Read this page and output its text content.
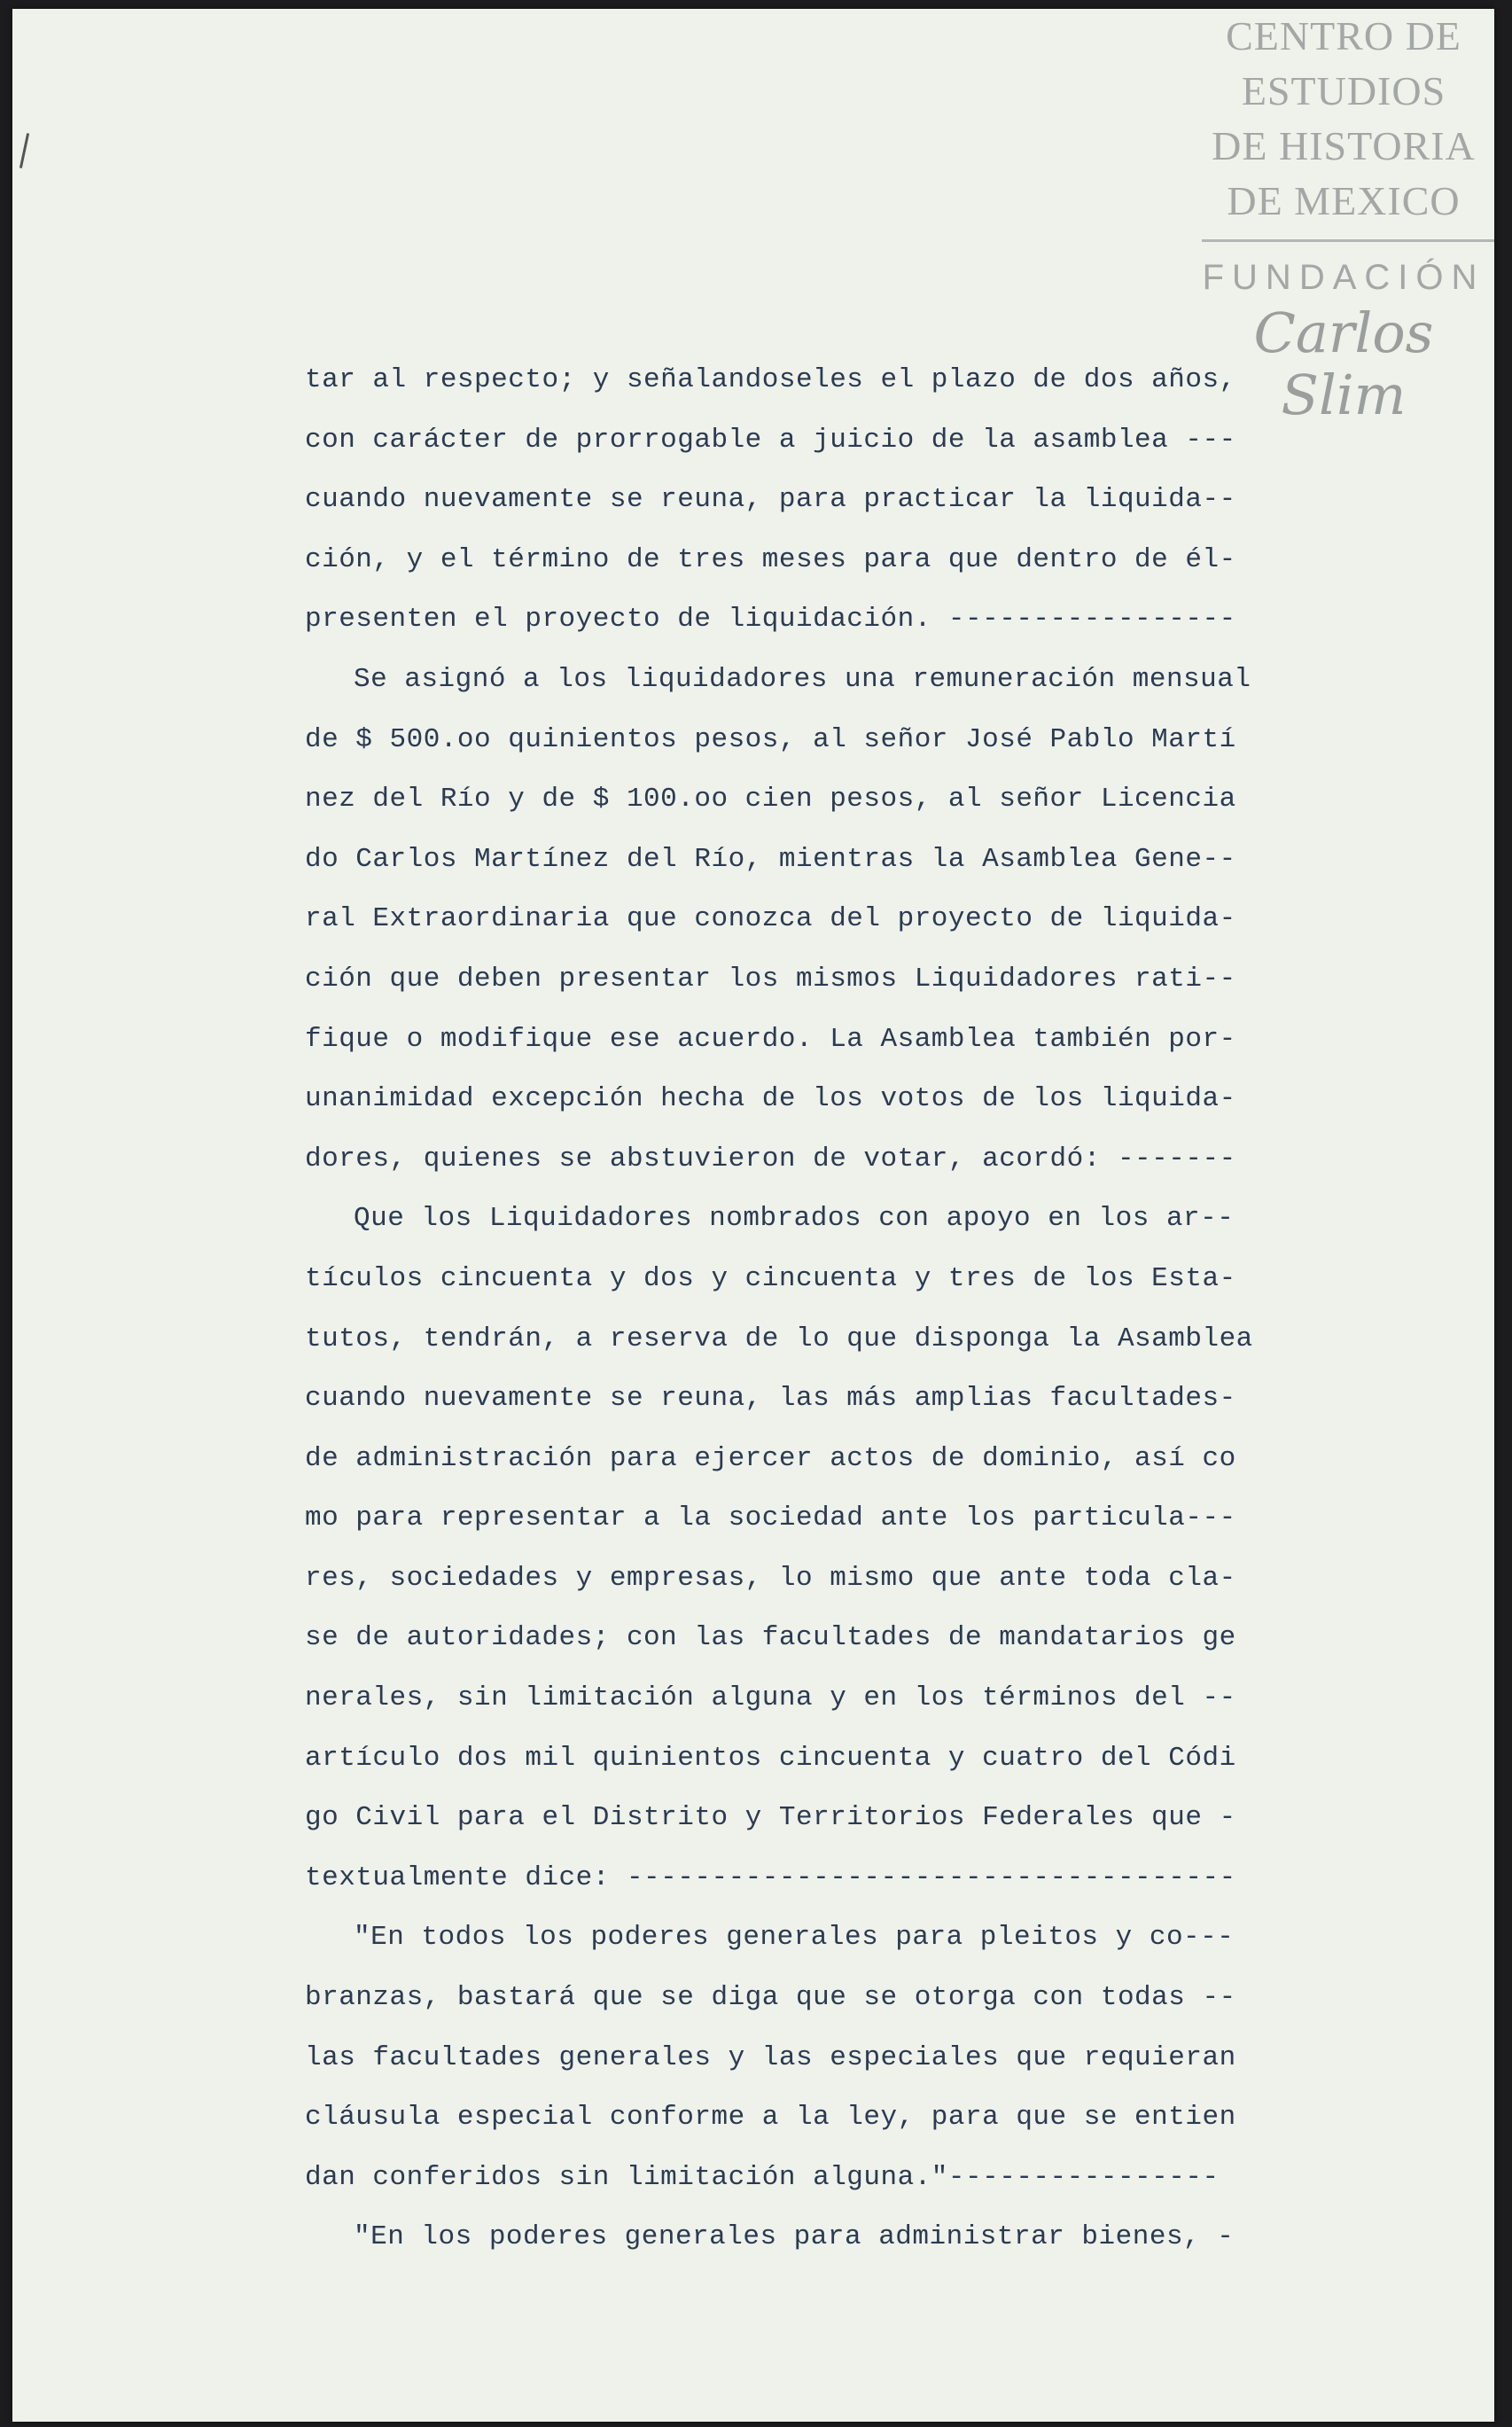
CENTRO DE
ESTUDIOS
DE HISTORIA
DE MEXICO
FUNDACIÓN
Carlos Slim
tar al respecto; y señalandoseles el plazo de dos años,
con carácter de prorrogable a juicio de la asamblea ---
cuando nuevamente se reuna, para practicar la liquida--
ción, y el término de tres meses para que dentro de él-
presenten el proyecto de liquidación. -----------------
Se asignó a los liquidadores una remuneración mensual
de $ 500.oo quinientos pesos, al señor José Pablo Martí
nez del Río y de $ 100.oo cien pesos, al señor Licencia
do Carlos Martínez del Río, mientras la Asamblea Gene--
ral Extraordinaria que conozca del proyecto de liquida-
ción que deben presentar los mismos Liquidadores rati--
fique o modifique ese acuerdo. La Asamblea también por-
unanimidad excepción hecha de los votos de los liquida-
dores, quienes se abstuvieron de votar, acordó: -------
Que los Liquidadores nombrados con apoyo en los ar--
tículos cincuenta y dos y cincuenta y tres de los Esta-
tutos, tendrán, a reserva de lo que disponga la Asamblea
cuando nuevamente se reuna, las más amplias facultades-
de administración para ejercer actos de dominio, así co
mo para representar a la sociedad ante los particula---
res, sociedades y empresas, lo mismo que ante toda cla-
se de autoridades; con las facultades de mandatarios ge
nerales, sin limitación alguna y en los términos del --
artículo dos mil quinientos cincuenta y cuatro del Códi
go Civil para el Distrito y Territorios Federales que -
textualmente dice: ------------------------------------
"En todos los poderes generales para pleitos y co---
branzas, bastará que se diga que se otorga con todas --
las facultades generales y las especiales que requieran
cláusula especial conforme a la ley, para que se entien
dan conferidos sin limitación alguna."----------------
"En los poderes generales para administrar bienes, -
